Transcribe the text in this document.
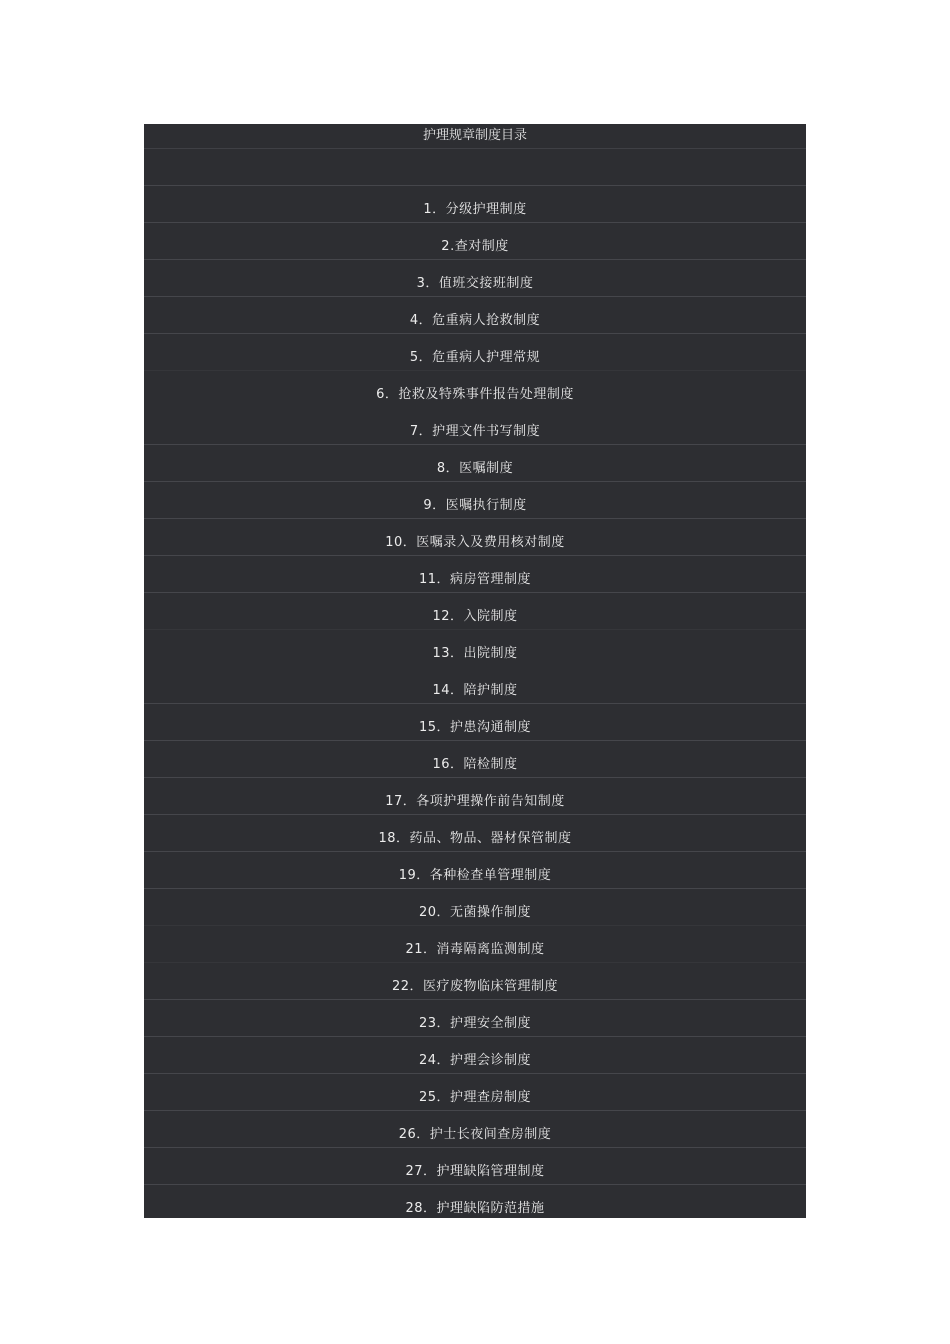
护理规章制度目录
1．分级护理制度
2.查对制度
3．值班交接班制度
4．危重病人抢救制度
5．危重病人护理常规
6．抢救及特殊事件报告处理制度
7．护理文件书写制度
8．医嘱制度
9．医嘱执行制度
10．医嘱录入及费用核对制度
11．病房管理制度
12．入院制度
13．出院制度
14．陪护制度
15．护患沟通制度
16．陪检制度
17．各项护理操作前告知制度
18．药品、物品、器材保管制度
19．各种检查单管理制度
20．无菌操作制度
21．消毒隔离监测制度
22．医疗废物临床管理制度
23．护理安全制度
24．护理会诊制度
25．护理查房制度
26．护士长夜间查房制度
27．护理缺陷管理制度
28．护理缺陷防范措施
